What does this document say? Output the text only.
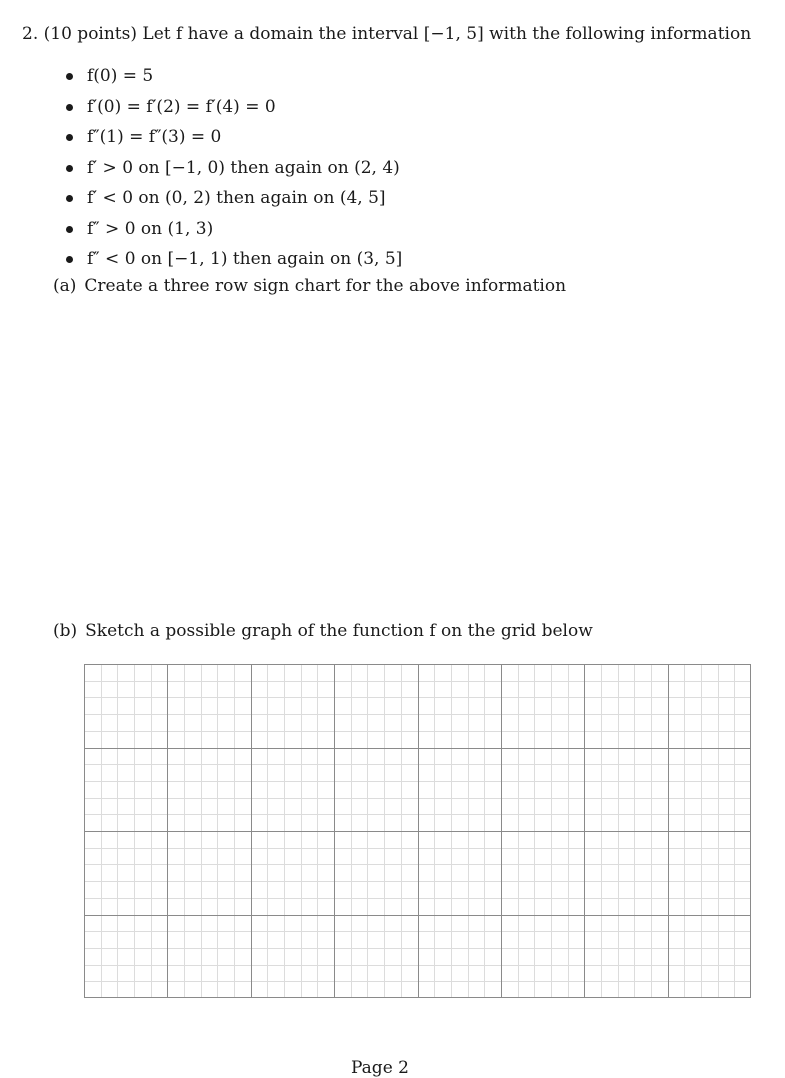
2. (10 points) Let f have a domain the interval [−1, 5] with the following information
f(0) = 5
f′(0) = f′(2) = f′(4) = 0
f″(1) = f″(3) = 0
f′ > 0 on [−1, 0) then again on (2, 4)
f′ < 0 on (0, 2) then again on (4, 5]
f″ > 0 on (1, 3)
f″ < 0 on [−1, 1) then again on (3, 5]
(a) Create a three row sign chart for the above information
(b) Sketch a possible graph of the function f on the grid below
Page 2
